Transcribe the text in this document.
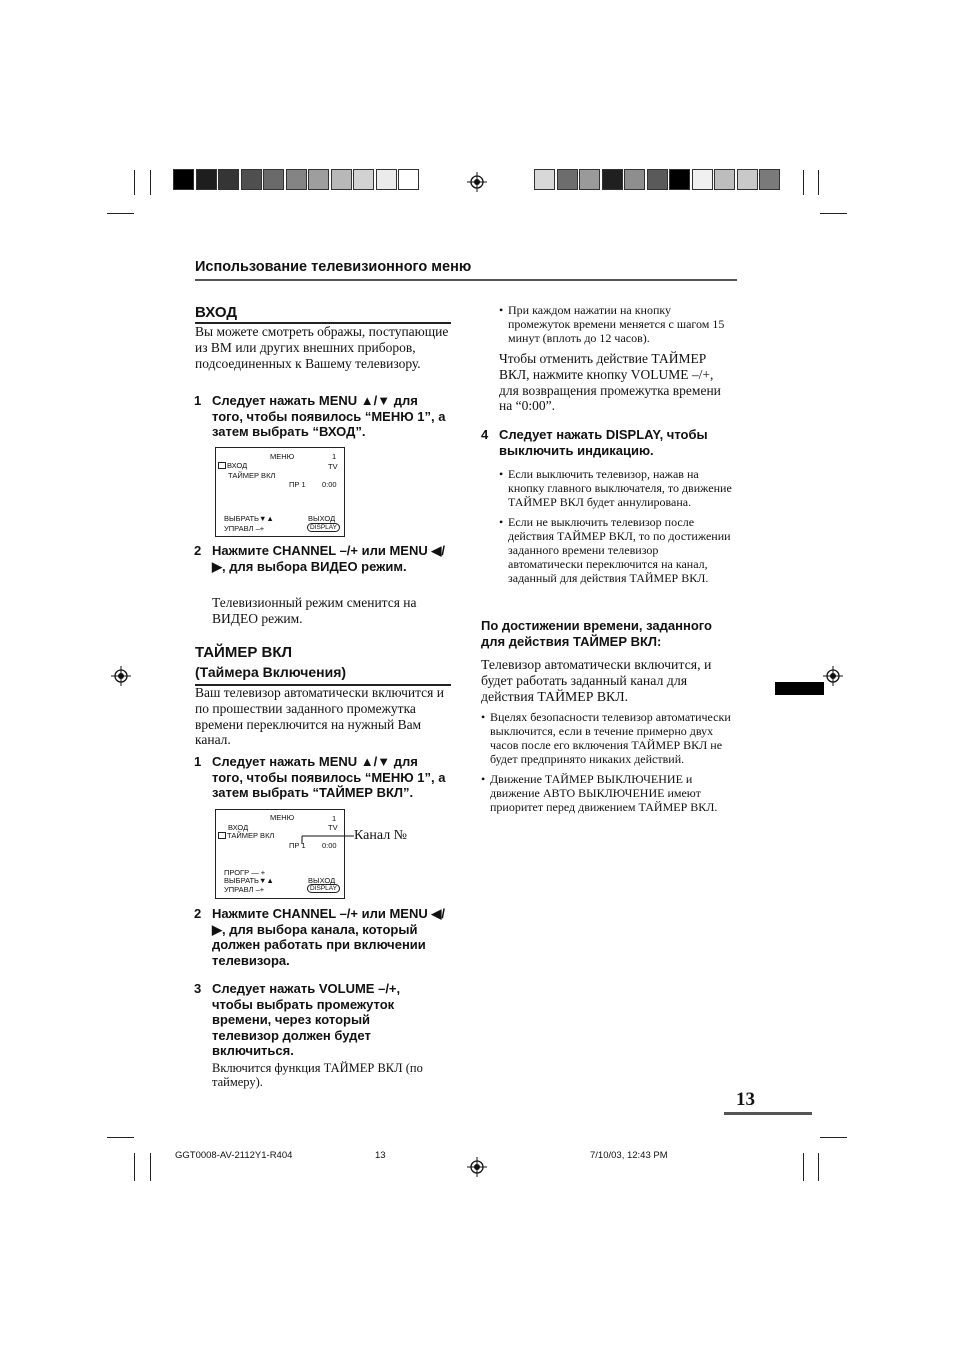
Использование телевизионного меню
ВХОД
Вы можете смотреть ображы, поступающие из ВМ или других внешних приборов, подсоединенных к Вашему телевизору.
1 Следует нажать MENU ▲/▼ для того, чтобы появилось “МЕНЮ 1”, а затем выбрать “ВХОД”.
МЕНЮ	1
ВХОД	TV
ТАЙМЕР ВКЛ
ПР 1 0:00
ВЫБРАТЬ▼▲	ВЫХОД
УПРАВЛ –+	DISPLAY
2 Нажмите CHANNEL –/+ или MENU ◀/▶, для выбора ВИДЕО режим.
Телевизионный режим сменится на ВИДЕО режим.
ТАЙМЕР ВКЛ
(Таймера Включения)
Ваш телевизор автоматически включится и по прошествии заданного промежутка времени переключится на нужный Вам канал.
1 Следует нажать MENU ▲/▼ для того, чтобы появилось “МЕНЮ 1”, а затем выбрать “ТАЙМЕР ВКЛ”.
МЕНЮ	1
ВХОД	TV
ТАЙМЕР ВКЛ
ПР 1 0:00
ПРОГР — +
ВЫБРАТЬ▼▲	ВЫХОД
УПРАВЛ –+	DISPLAY
Канал №
2 Нажмите CHANNEL –/+ или MENU ◀/▶, для выбора канала, который должен работать при включении телевизора.
3 Следует нажать VOLUME –/+, чтобы выбрать промежуток времени, через который телевизор должен будет включиться.
Включится функция ТАЙМЕР ВКЛ (по таймеру).
• При каждом нажатии на кнопку промежуток времени меняется с шагом 15 минут (вплоть до 12 часов).
Чтобы отменить действие ТАЙМЕР ВКЛ, нажмите кнопку VOLUME –/+, для возвращения промежутка времени на “0:00”.
4 Следует нажать DISPLAY, чтобы выключить индикацию.
• Если выключить телевизор, нажав на кнопку главного выключателя, то движение ТАЙМЕР ВКЛ будет аннулирована.
• Если не выключить телевизор после действия ТАЙМЕР ВКЛ, то по достижении заданного времени телевизор автоматически переключится на канал, заданный для действия ТАЙМЕР ВКЛ.
По достижении времени, заданного для действия ТАЙМЕР ВКЛ:
Телевизор автоматически включится, и будет работать заданный канал для действия ТАЙМЕР ВКЛ.
• Вцелях безопасности телевизор автоматически выключится, если в течение примерно двух часов после его включения ТАЙМЕР ВКЛ не будет предпринято никаких действий.
• Движение ТАЙМЕР ВЫКЛЮЧЕНИЕ и движение АВТО ВЫКЛЮЧЕНИЕ имеют приоритет перед движением ТАЙМЕР ВКЛ.
13
GGT0008-AV-2112Y1-R404	13	7/10/03, 12:43 PM
